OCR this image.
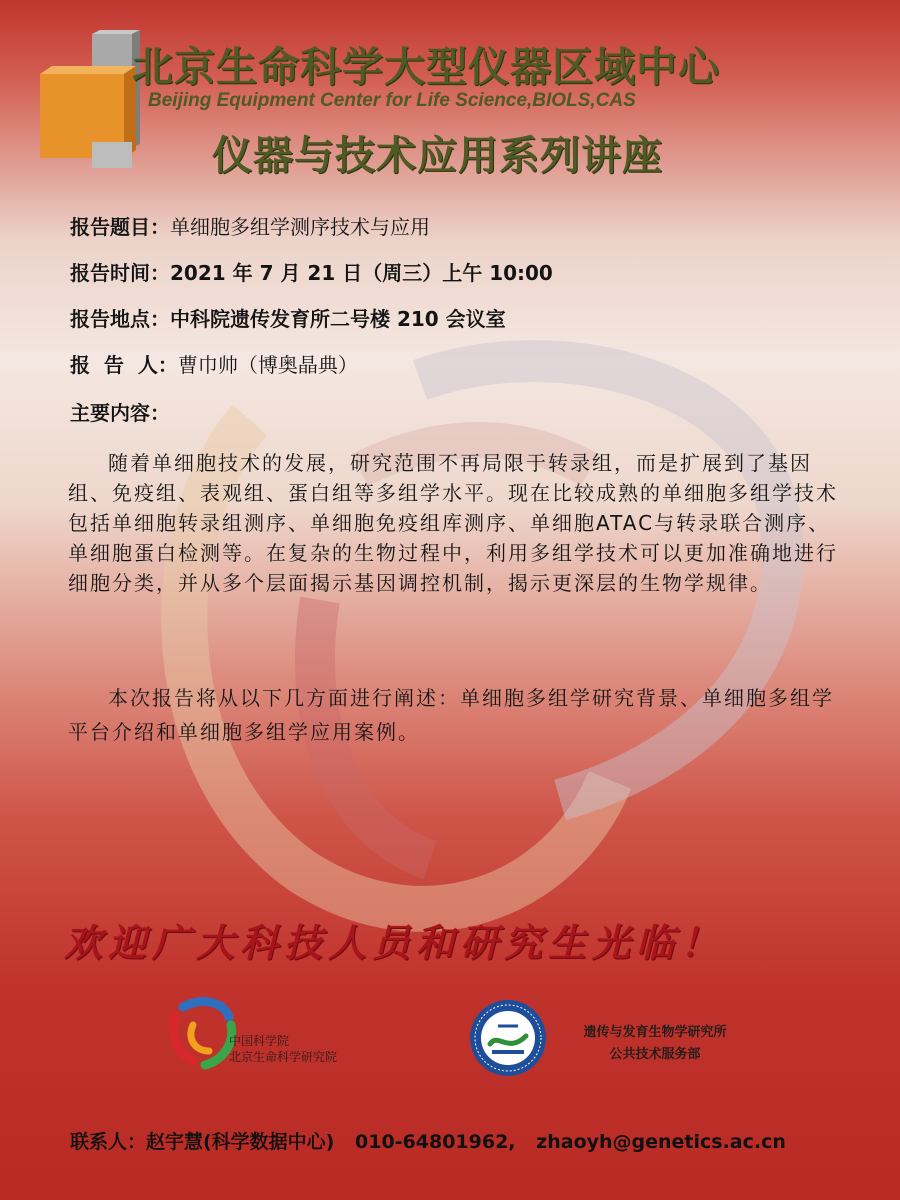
北京生命科学大型仪器区域中心
Beijing Equipment Center for Life Science,BIOLS,CAS
仪器与技术应用系列讲座
报告题目：单细胞多组学测序技术与应用
报告时间：2021 年 7 月 21 日（周三）上午 10:00
报告地点：中科院遗传发育所二号楼 210 会议室
报  告  人：曹巾帅（博奥晶典）
主要内容：
随着单细胞技术的发展，研究范围不再局限于转录组，而是扩展到了基因组、免疫组、表观组、蛋白组等多组学水平。现在比较成熟的单细胞多组学技术包括单细胞转录组测序、单细胞免疫组库测序、单细胞ATAC与转录联合测序、单细胞蛋白检测等。在复杂的生物过程中，利用多组学技术可以更加准确地进行细胞分类，并从多个层面揭示基因调控机制，揭示更深层的生物学规律。
本次报告将从以下几方面进行阐述：单细胞多组学研究背景、单细胞多组学平台介绍和单细胞多组学应用案例。
欢迎广大科技人员和研究生光临！
中国科学院
北京生命科学研究院
遗传与发育生物学研究所
公共技术服务部
联系人：赵宇慧(科学数据中心) 010-64801962, zhaoyh@genetics.ac.cn
